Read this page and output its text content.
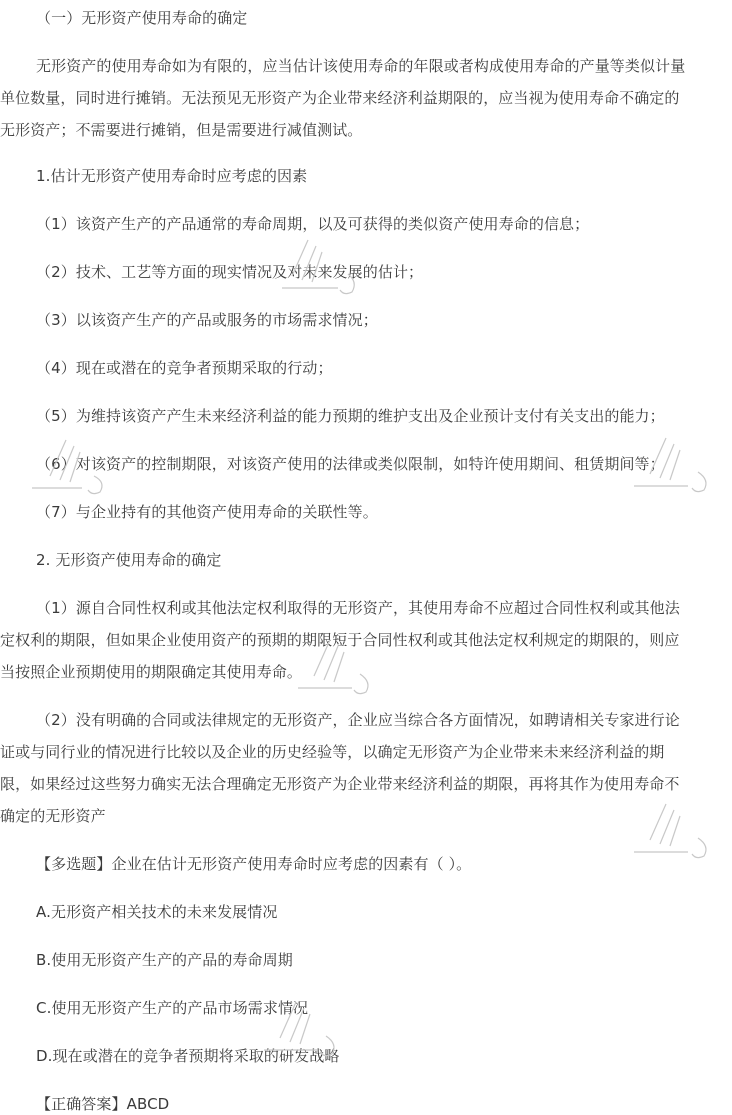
（一）无形资产使用寿命的确定
无形资产的使用寿命如为有限的，应当估计该使用寿命的年限或者构成使用寿命的产量等类似计量
单位数量，同时进行摊销。无法预见无形资产为企业带来经济利益期限的，应当视为使用寿命不确定的
无形资产；不需要进行摊销，但是需要进行减值测试。
1.估计无形资产使用寿命时应考虑的因素
（1）该资产生产的产品通常的寿命周期，以及可获得的类似资产使用寿命的信息；
（2）技术、工艺等方面的现实情况及对未来发展的估计；
（3）以该资产生产的产品或服务的市场需求情况；
（4）现在或潜在的竞争者预期采取的行动；
（5）为维持该资产产生未来经济利益的能力预期的维护支出及企业预计支付有关支出的能力；
（6）对该资产的控制期限，对该资产使用的法律或类似限制，如特许使用期间、租赁期间等；
（7）与企业持有的其他资产使用寿命的关联性等。
2. 无形资产使用寿命的确定
（1）源自合同性权利或其他法定权利取得的无形资产，其使用寿命不应超过合同性权利或其他法
定权利的期限，但如果企业使用资产的预期的期限短于合同性权利或其他法定权利规定的期限的，则应
当按照企业预期使用的期限确定其使用寿命。
（2）没有明确的合同或法律规定的无形资产，企业应当综合各方面情况，如聘请相关专家进行论
证或与同行业的情况进行比较以及企业的历史经验等，以确定无形资产为企业带来未来经济利益的期
限，如果经过这些努力确实无法合理确定无形资产为企业带来经济利益的期限，再将其作为使用寿命不
确定的无形资产
【多选题】企业在估计无形资产使用寿命时应考虑的因素有（ ）。
A.无形资产相关技术的未来发展情况
B.使用无形资产生产的产品的寿命周期
C.使用无形资产生产的产品市场需求情况
D.现在或潜在的竞争者预期将采取的研发战略
【正确答案】ABCD
